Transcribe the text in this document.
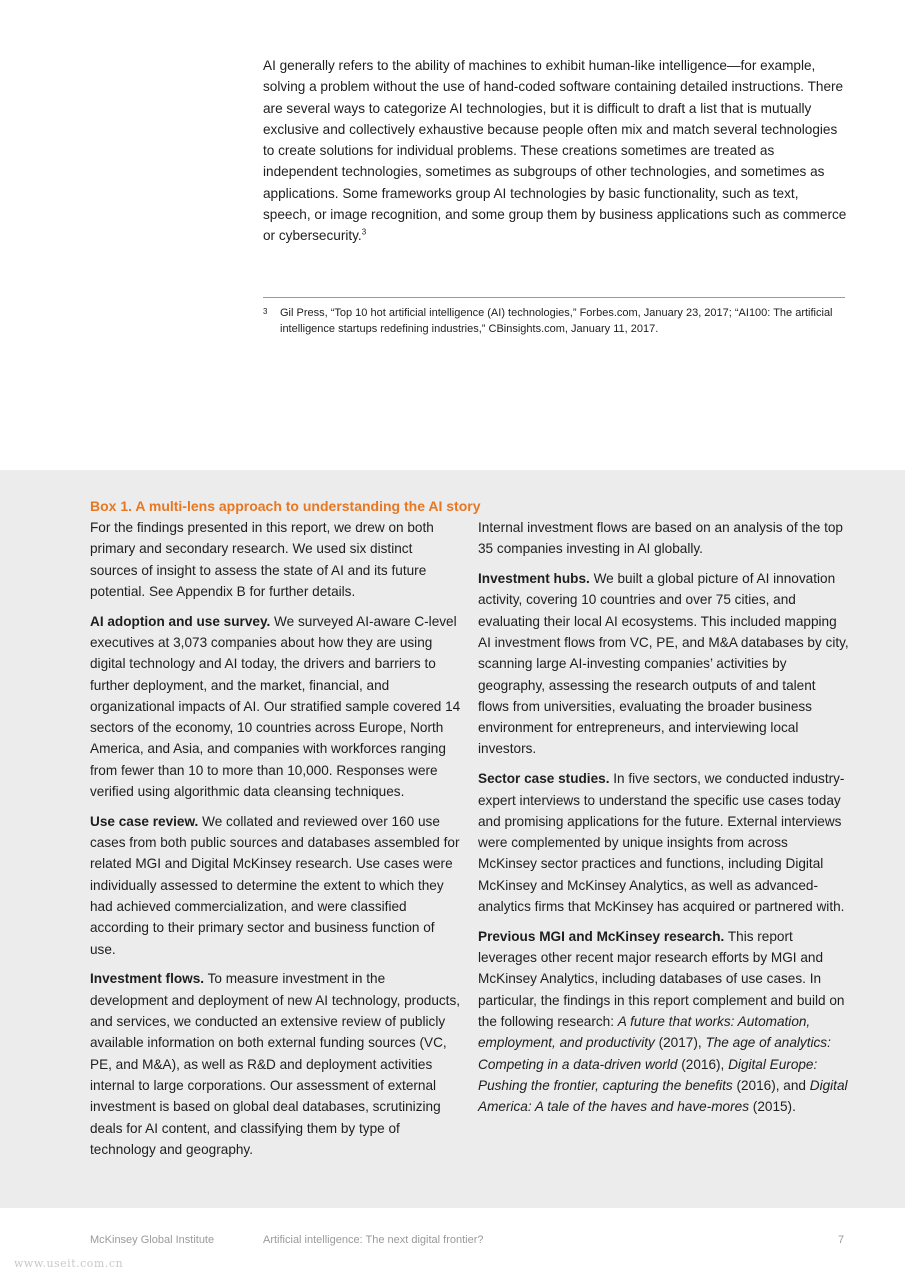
AI generally refers to the ability of machines to exhibit human-like intelligence—for example, solving a problem without the use of hand-coded software containing detailed instructions. There are several ways to categorize AI technologies, but it is difficult to draft a list that is mutually exclusive and collectively exhaustive because people often mix and match several technologies to create solutions for individual problems. These creations sometimes are treated as independent technologies, sometimes as subgroups of other technologies, and sometimes as applications. Some frameworks group AI technologies by basic functionality, such as text, speech, or image recognition, and some group them by business applications such as commerce or cybersecurity.$^3$

3	Gil Press, “Top 10 hot artificial intelligence (AI) technologies,” Forbes.com, January 23, 2017; “AI100: The artificial intelligence startups redefining industries,” CBinsights.com, January 11, 2017.
Box 1. A multi-lens approach to understanding the AI story

For the findings presented in this report, we drew on both primary and secondary research. We used six distinct sources of insight to assess the state of AI and its future potential. See Appendix B for further details.

AI adoption and use survey. We surveyed AI-aware C-level executives at 3,073 companies about how they are using digital technology and AI today, the drivers and barriers to further deployment, and the market, financial, and organizational impacts of AI. Our stratified sample covered 14 sectors of the economy, 10 countries across Europe, North America, and Asia, and companies with workforces ranging from fewer than 10 to more than 10,000. Responses were verified using algorithmic data cleansing techniques.

Use case review. We collated and reviewed over 160 use cases from both public sources and databases assembled for related MGI and Digital McKinsey research. Use cases were individually assessed to determine the extent to which they had achieved commercialization, and were classified according to their primary sector and business function of use.

Investment flows. To measure investment in the development and deployment of new AI technology, products, and services, we conducted an extensive review of publicly available information on both external funding sources (VC, PE, and M&A), as well as R&D and deployment activities internal to large corporations. Our assessment of external investment is based on global deal databases, scrutinizing deals for AI content, and classifying them by type of technology and geography.

Internal investment flows are based on an analysis of the top 35 companies investing in AI globally.

Investment hubs. We built a global picture of AI innovation activity, covering 10 countries and over 75 cities, and evaluating their local AI ecosystems. This included mapping AI investment flows from VC, PE, and M&A databases by city, scanning large AI-investing companies’ activities by geography, assessing the research outputs of and talent flows from universities, evaluating the broader business environment for entrepreneurs, and interviewing local investors.

Sector case studies. In five sectors, we conducted industry-expert interviews to understand the specific use cases today and promising applications for the future. External interviews were complemented by unique insights from across McKinsey sector practices and functions, including Digital McKinsey and McKinsey Analytics, as well as advanced-analytics firms that McKinsey has acquired or partnered with.

Previous MGI and McKinsey research. This report leverages other recent major research efforts by MGI and McKinsey Analytics, including databases of use cases. In particular, the findings in this report complement and build on the following research: A future that works: Automation, employment, and productivity (2017), The age of analytics: Competing in a data-driven world (2016), Digital Europe: Pushing the frontier, capturing the benefits (2016), and Digital America: A tale of the haves and have-mores (2015).

McKinsey Global Institute	Artificial intelligence: The next digital frontier?	7
www.useit.com.cn
